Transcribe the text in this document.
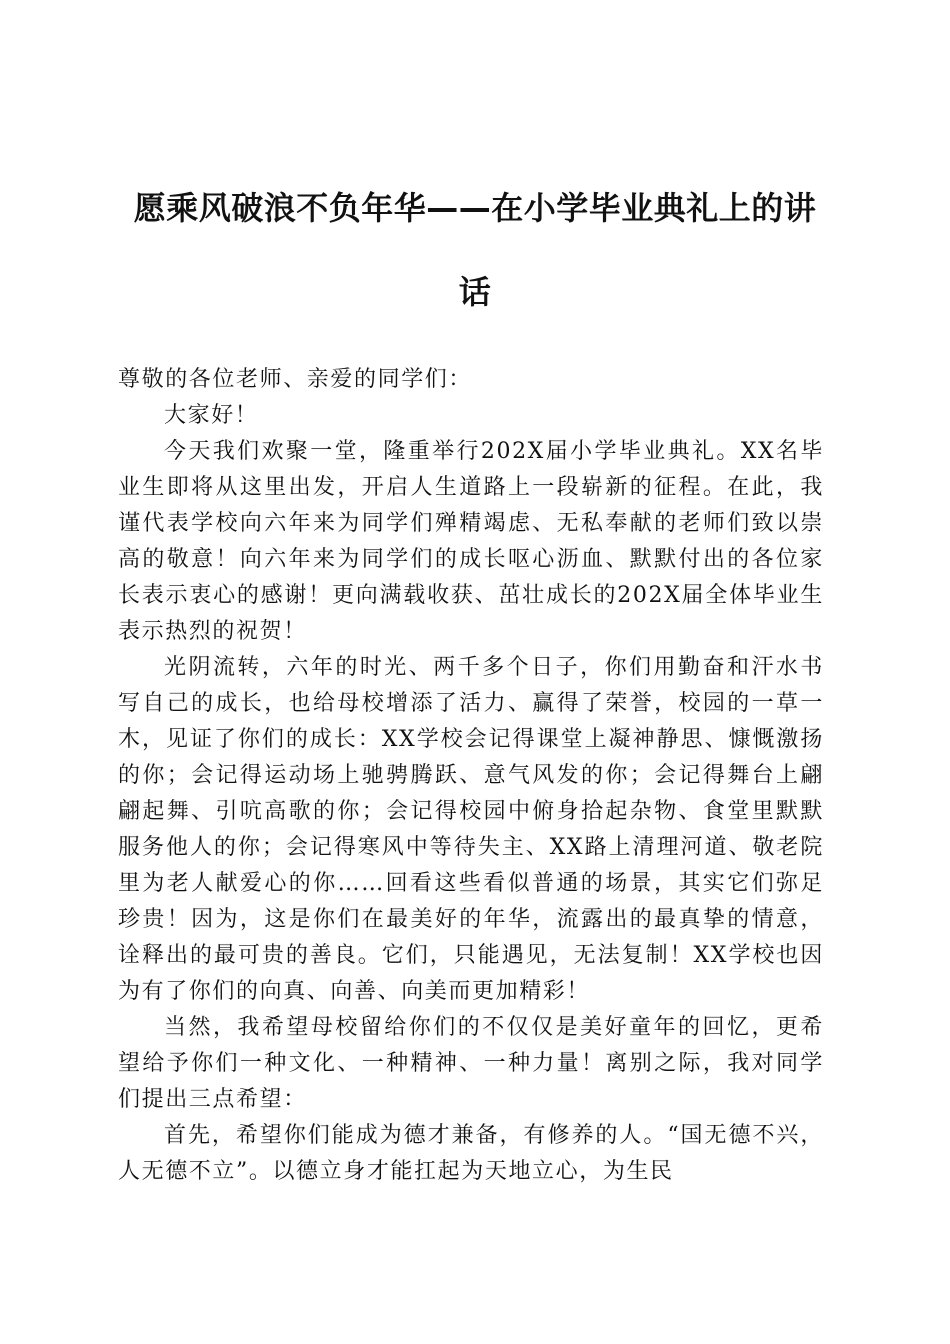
愿乘风破浪不负年华——在小学毕业典礼上的讲话

尊敬的各位老师、亲爱的同学们：

大家好！

今天我们欢聚一堂，隆重举行202X届小学毕业典礼。XX名毕业生即将从这里出发，开启人生道路上一段崭新的征程。在此，我谨代表学校向六年来为同学们殚精竭虑、无私奉献的老师们致以崇高的敬意！向六年来为同学们的成长呕心沥血、默默付出的各位家长表示衷心的感谢！更向满载收获、茁壮成长的202X届全体毕业生表示热烈的祝贺！

光阴流转，六年的时光、两千多个日子，你们用勤奋和汗水书写自己的成长，也给母校增添了活力、赢得了荣誉，校园的一草一木，见证了你们的成长：XX学校会记得课堂上凝神静思、慷慨激扬的你；会记得运动场上驰骋腾跃、意气风发的你；会记得舞台上翩翩起舞、引吭高歌的你；会记得校园中俯身拾起杂物、食堂里默默服务他人的你；会记得寒风中等待失主、XX路上清理河道、敬老院里为老人献爱心的你……回看这些看似普通的场景，其实它们弥足珍贵！因为，这是你们在最美好的年华，流露出的最真挚的情意，诠释出的最可贵的善良。它们，只能遇见，无法复制！XX学校也因为有了你们的向真、向善、向美而更加精彩！

当然，我希望母校留给你们的不仅仅是美好童年的回忆，更希望给予你们一种文化、一种精神、一种力量！离别之际，我对同学们提出三点希望：

首先，希望你们能成为德才兼备，有修养的人。“国无德不兴，人无德不立”。以德立身才能扛起为天地立心，为生民
